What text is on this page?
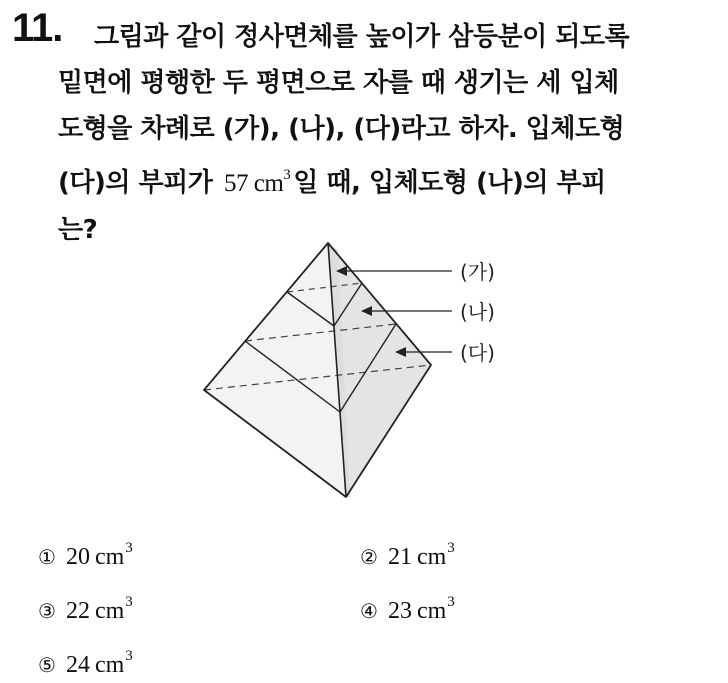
11. 그림과 같이 정사면체를 높이가 삼등분이 되도록
밑면에 평행한 두 평면으로 자를 때 생기는 세 입체
도형을 차례로 (가), (나), (다)라고 하자. 입체도형
(다)의 부피가 57 $cm^3$ 일 때, 입체도형 (나)의 부피
는?
(가)
(나)
(다)
① 20 $cm^3$	② 21 $cm^3$
③ 22 $cm^3$	④ 23 $cm^3$
⑤ 24 $cm^3$
